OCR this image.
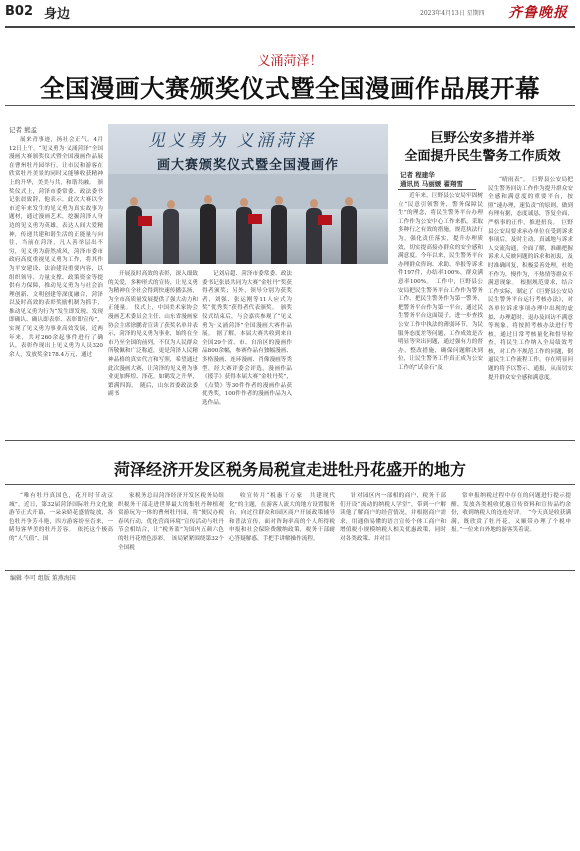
B02 身边	2023年4月13日 星期四 齐鲁晚报
义涌菏泽！
全国漫画大赛颁奖仪式暨全国漫画作品展开幕
记者 熊孟
见义勇为 义涌菏泽
画大赛颁奖仪式暨全国漫画作
展来青事迹，扬社会正气。4月12日上午，“见义勇为·义涌菏泽”全国漫画大赛颁奖仪式暨全国漫画作品展在曹州牡丹园举行，让市民和游客在欣赏牡丹美景的同时又能够收获精神上的升华，美美与共，和谐共融。　颁奖仪式上，菏泽市委常委、政法委书记张晨致辞，他表示，此次大赛以全市近年来发生的见义勇为真实故事为题材，通过漫画艺术，挖掘菏泽人身边的见义勇为英雄，表达人间大爱精神，传递共建和谐生活的正能量与向往，当前在菏泽，凡人善举层出不穷，见义勇为蔚然成风，菏泽市委市政府高度重视见义勇为工作，将其作为平安建设、法治建设重要内容，以组织领导、力量支撑、政策资金等提供有力保障，推动见义勇为与社会治理创新、文明创建等深度融合，菏泽以及时高效的表彰奖励机制为抓手，推动见义勇为行为“发生即发现、发现即确认、确认即表彰、表彰即宣传”，实现了见义勇为事业高效发展，近两年来，共对260余起事件进行了确认，表彰作现出上见义勇为人员320余人，发放奖金178.4万元，通过
开展及时高效的表彰，深入细致的关爱，多种形式的宣传，让见义勇为精神在全社会得到快速传播弘扬，为全市高质量发展提供了强大动力和正能量。　仪式上，中国美术家协会漫画艺术委员会主任、山东省漫画家协会主席徐鹏青宣读了获奖名单并表示，菏泽的见义勇为事业，始终在全市乃至全国的前列，不仅为人民群众所敬佩和广泛称道，更是菏泽人民精神品格的真实代言和写照，希望通过此次漫画大赛，让菏泽的见义勇为事业更加辉煌、泽花，如鹤发之升华，繁满四海。　随后，山东省委政法委副书
记刘启超、菏泽市委常委、政法委书记张晨共同为大赛“金牡丹”奖获得者颁奖；另外，领导分别为获奖者、刘强、张运刚等11人应式为奖“优秀奖”获得者代表颁奖。　颁奖仪式结束后，与会嘉宾参观了“见义勇为·义涌菏泽”全国漫画大赛作品展。　据了解，本届大赛共收到来自全国29个省、市、自治区的漫画作品800余幅，参赛作品有独幅漫画、多格漫画、连环漫画、肖像漫画等类型，经大赛评委会评选，漫画作品《援手》获得本届大赛“金牡丹奖”，《点赞》等30件作者的漫画作品获优秀奖，100件作者的漫画作品为入选作品。
巨野公安多措并举
全面提升民生警务工作质效
记者 程建华
通讯员 马丽媛 翟翔雪
近年来，巨野县公安局牢固树立“民意引领警务，警务保障民生”的理念，将民生警务平台办理工作作为公安中心工作来抓，采取多种行之有效的措施，规范执法行为，强化责任落实，提升办理质效，切实提高接办群众的安全感和满意度。今年以来，民生警务平台办理群众咨询、求助、举报等诉求件197件，办结率100%，群众满意率100%。　工作中，巨野县公安局把民生警务平台工作作为警务工作、把民生警务作为第一警务，把警务平台作为第一平台，通过民生警务平台这面镜子，进一步查找公安工作中执法的薄弱环节，为民服务态度差等问题，工作成效是否明显等突出问题，通过强有力的督办，整改措施，确保问题解决到位，让民生警务工作真正成为公安工作的“试金石”及
“晴雨表”。　巨野县公安局把民生警务回访工作作为提升群众安全感和满意度的重要平台，按照“速办理，速负责”的原则，做到有理有据，态度诚恳，答复全面，严格事的正作，推进扭良。　巨野县公安局要求承办单位在受到诉求事项后，及时主动、真诚地与诉求人交流沟通，全面了解，准确把握诉求人反映问题的诉求和初衷，及时准确回复，积极妥善处理，杜绝不作为，慢作为，不热情等群众不满意现象。　根据规范要求，结合工作实际，制定了《巨野县公安局民生警务平台运行考核办法》，对各单位诉求事项办理中出现的虚拟、办理超时、退办及回访不满意等现象，将按照考核办法进行考核，通过日常考核量化和督导检查，将民生工作纳入全局绩效考核，对工作不规范工作的问题，倒逼民生工作流程工作，存在明显问题的将予以警示、通报，从而切实提升群众安全感和满意度。
菏泽经济开发区税务局税宣走进牡丹花盛开的地方
“唯有牡丹真国色，花开时节动京城”。近日，第32届菏泽国际牡丹文化旅游节正式开幕，一朵朵娇花盛情绽放，各色牡丹争芳斗艳，四方游客纷至沓来，一睹每客华美的牡丹芳容。　依托这个极高的“人气值”，国
家税务总局菏泽经济开发区税务局组织税务干部走进世界最大的集牡丹种植观赏游玩为一体的曹州牡丹园，将“便民办税春风行动，优化营商环境”宣传活动与牡丹节会相结合，让“税务蓝”为国内五颜六色的牡丹花增色添彩。　该局紧紧围绕第32个全国税
收宣传月“税惠千万家　共建现代化”的主题，在游客人流大的地方设置服务台，向过往群众和园区商户开展政策辅导和普法宣传，面对咨询率高的个人所得税申报和社会保险费缴纳政策，税务干部耐心答疑解惑，手把手讲解操作流程。
针对园区内一部相的商户，税务干部们开设“流动的纳税人学堂”，带到一户解读他了解商户的经营情况，并根据商户需求，用通俗易懂的语言宣传个体工商户和增值税小规模纳税人相关优惠政策，同时对各类政策、并对目
常申报纳税过程中存在的问题进行提示提醒、发放各类税收优惠宣传资料和宣传品约余份，收到纳税人的连连好评。　“今天真是收获满满，既欣赏了牡丹花，又顺带办理了个税申报。”一位来自外地的游客笑着说。
编辑 李可 组版 董燕海国
